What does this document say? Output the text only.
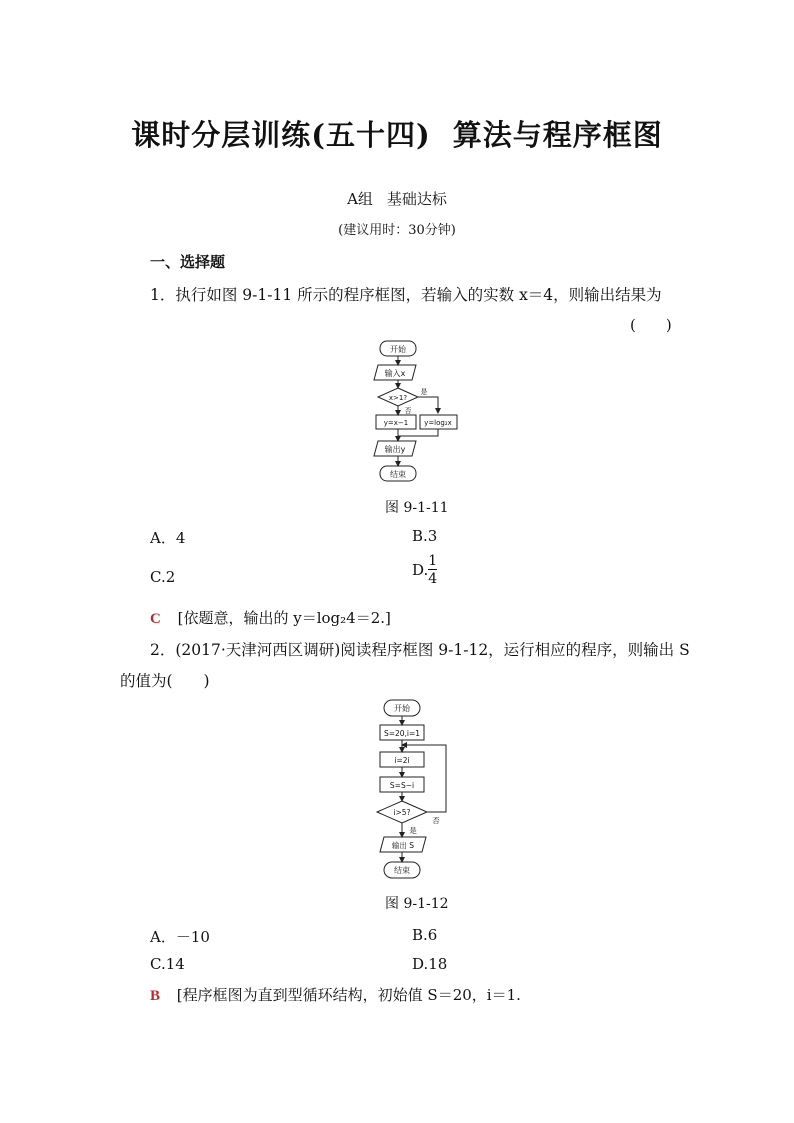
课时分层训练(五十四) 算法与程序框图
A组 基础达标
(建议用时：30分钟)
一、选择题
1．执行如图 9-1-11 所示的程序框图，若输入的实数 x＝4，则输出结果为
(　　)
开始
输入x
x>1?
是
否
y=x−1 y=log₂x
输出y
结束
图 9-1-11
A．4	B.3
C.2	D. $\frac{1}{4}$
C [依题意，输出的 y＝log₂4＝2.]
2．(2017·天津河西区调研)阅读程序框图 9-1-12，运行相应的程序，则输出 S
的值为(　　)
开始
S=20,i=1
i=2i
S=S−i
i>5?
否
是
输出 S
结束
图 9-1-12
A．－10	B.6
C.14	D.18
B [程序框图为直到型循环结构，初始值 S＝20，i＝1.
